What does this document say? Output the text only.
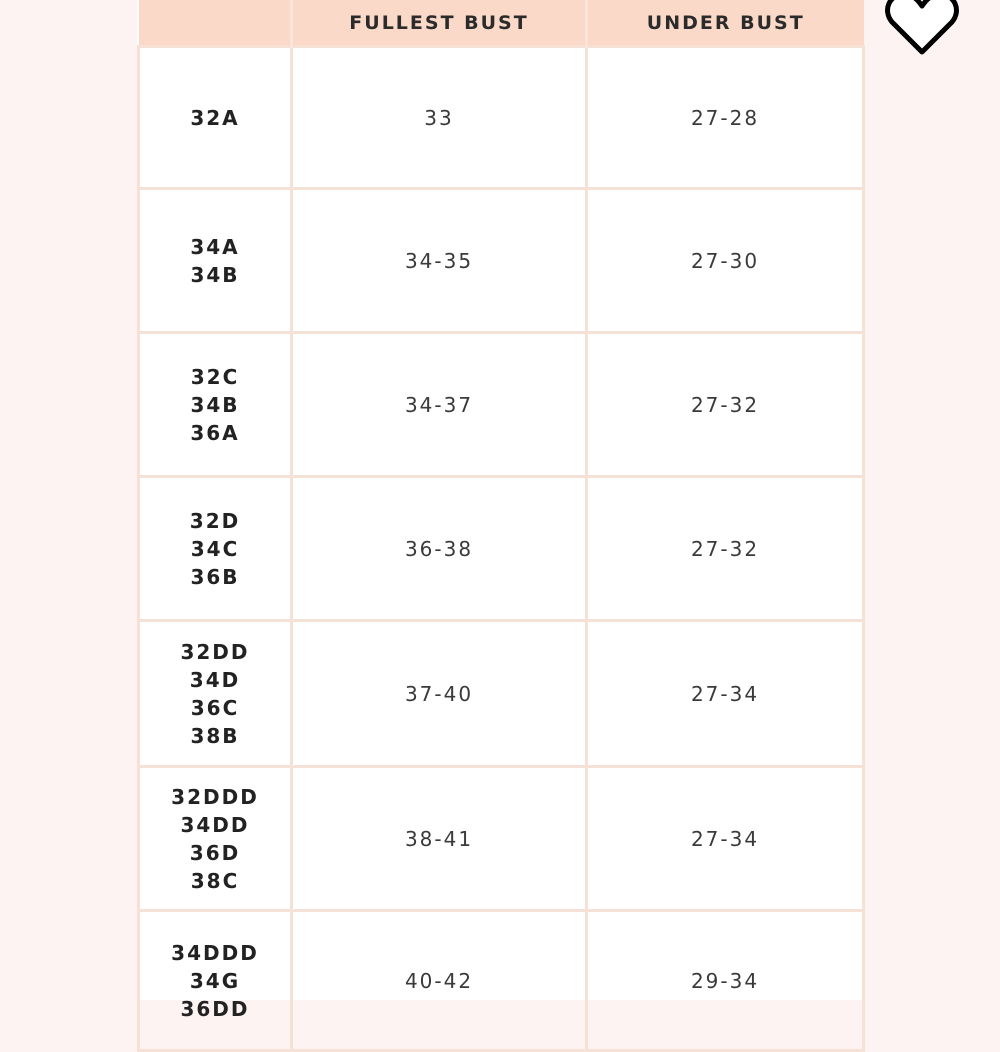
	FULLEST BUST	UNDER BUST

32A	33	27-28

34A
34B	34-35	27-30

32C
34B
36A	34-37	27-32

32D
34C
36B	36-38	27-32

32DD
34D
36C
38B	37-40	27-34

32DDD
34DD
36D
38C	38-41	27-34

34DDD
34G
36DD	40-42	29-34
